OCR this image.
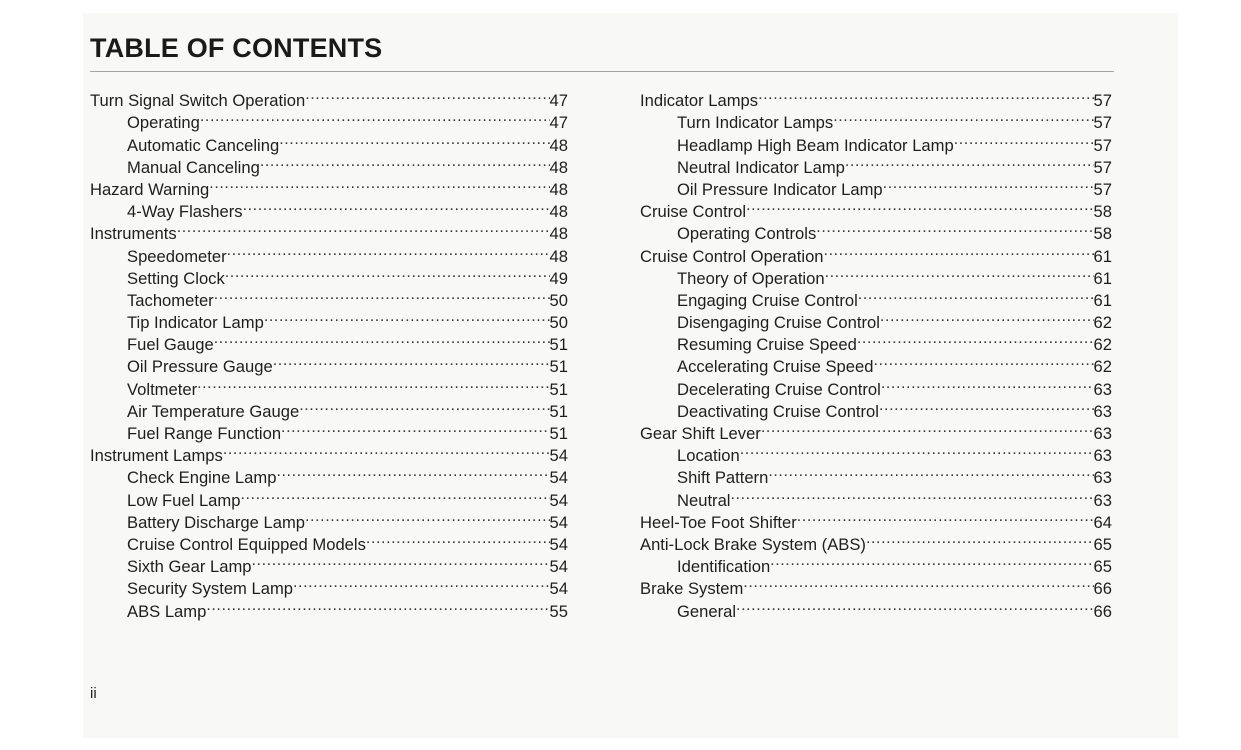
TABLE OF CONTENTS
Turn Signal Switch Operation .....	47
Operating .....	47
Automatic Canceling .....	48
Manual Canceling .....	48
Hazard Warning .....	48
4-Way Flashers .....	48
Instruments .....	48
Speedometer .....	48
Setting Clock .....	49
Tachometer .....	50
Tip Indicator Lamp .....	50
Fuel Gauge .....	51
Oil Pressure Gauge .....	51
Voltmeter .....	51
Air Temperature Gauge .....	51
Fuel Range Function .....	51
Instrument Lamps .....	54
Check Engine Lamp .....	54
Low Fuel Lamp .....	54
Battery Discharge Lamp .....	54
Cruise Control Equipped Models .....	54
Sixth Gear Lamp .....	54
Security System Lamp .....	54
ABS Lamp .....	55
Indicator Lamps .....	57
Turn Indicator Lamps .....	57
Headlamp High Beam Indicator Lamp .....	57
Neutral Indicator Lamp .....	57
Oil Pressure Indicator Lamp .....	57
Cruise Control .....	58
Operating Controls .....	58
Cruise Control Operation .....	61
Theory of Operation .....	61
Engaging Cruise Control .....	61
Disengaging Cruise Control .....	62
Resuming Cruise Speed .....	62
Accelerating Cruise Speed .....	62
Decelerating Cruise Control .....	63
Deactivating Cruise Control .....	63
Gear Shift Lever .....	63
Location .....	63
Shift Pattern .....	63
Neutral .....	63
Heel-Toe Foot Shifter .....	64
Anti-Lock Brake System (ABS) .....	65
Identification .....	65
Brake System .....	66
General .....	66

ii
